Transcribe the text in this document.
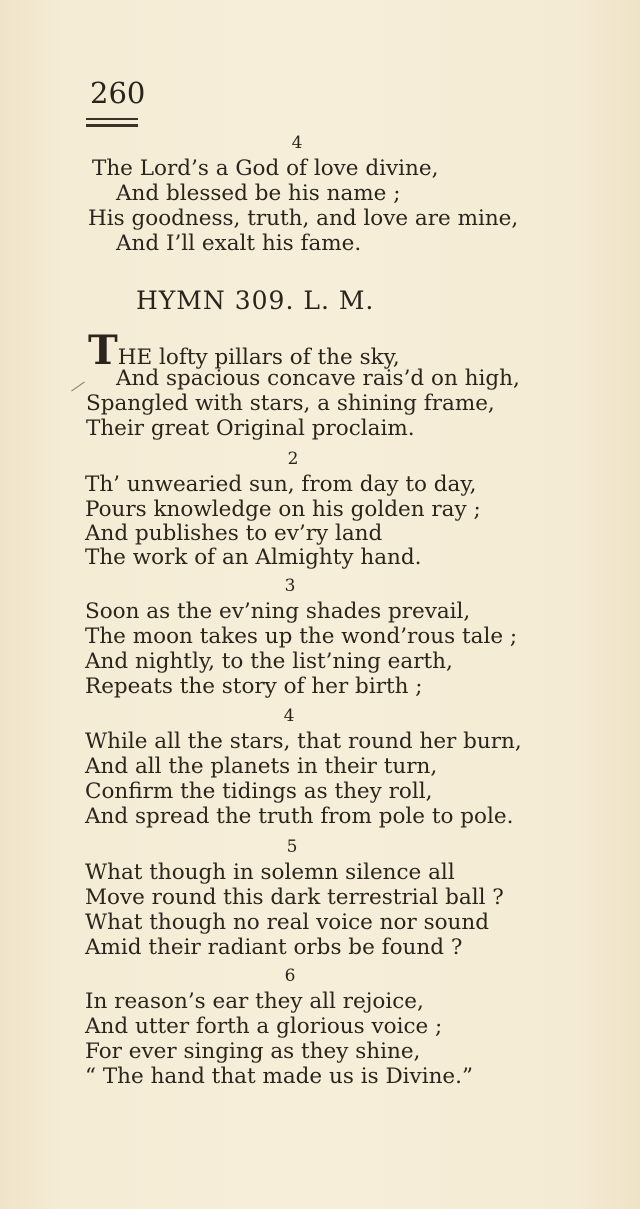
260
4
The Lord’s a God of love divine,
And blessed be his name ;
His goodness, truth, and love are mine,
And I’ll exalt his fame.
HYMN 309. L. M.
THE lofty pillars of the sky,
And spacious concave rais’d on high,
Spangled with stars, a shining frame,
Their great Original proclaim.
2
Th’ unwearied sun, from day to day,
Pours knowledge on his golden ray ;
And publishes to ev’ry land
The work of an Almighty hand.
3
Soon as the ev’ning shades prevail,
The moon takes up the wond’rous tale ;
And nightly, to the list’ning earth,
Repeats the story of her birth ;
4
While all the stars, that round her burn,
And all the planets in their turn,
Confirm the tidings as they roll,
And spread the truth from pole to pole.
5
What though in solemn silence all
Move round this dark terrestrial ball ?
What though no real voice nor sound
Amid their radiant orbs be found ?
6
In reason’s ear they all rejoice,
And utter forth a glorious voice ;
For ever singing as they shine,
“ The hand that made us is Divine.”
